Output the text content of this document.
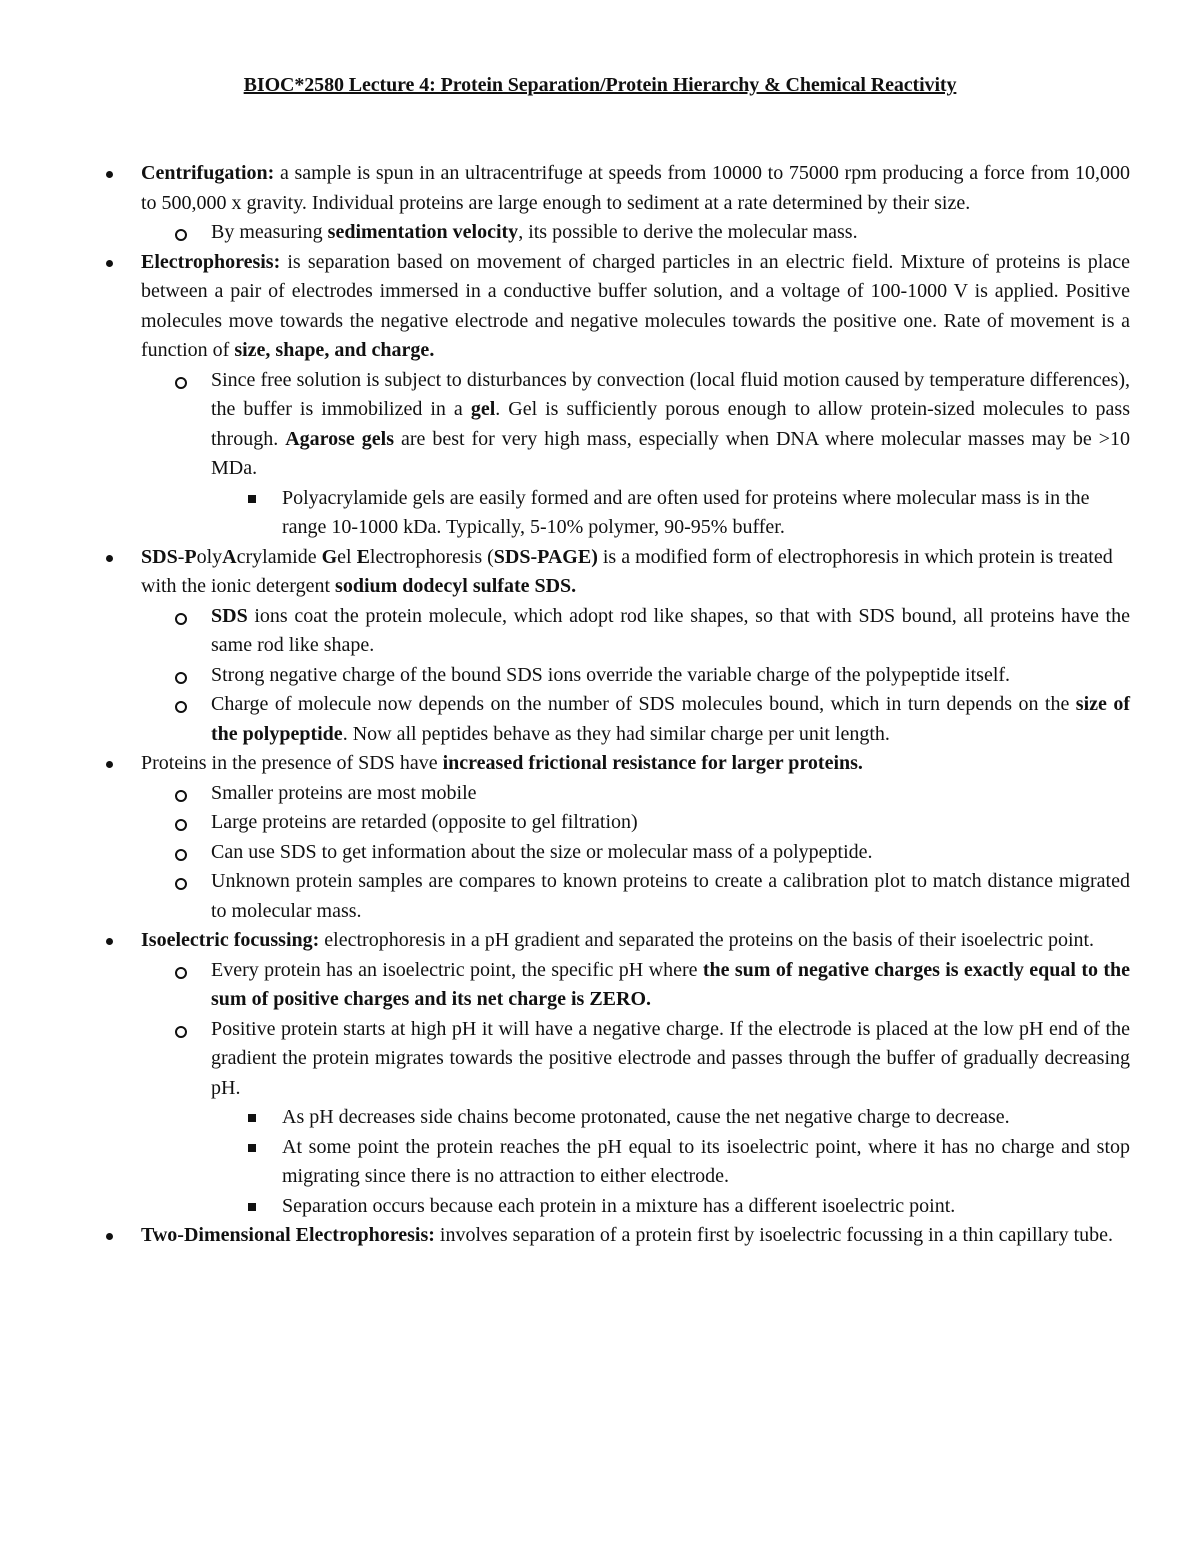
BIOC*2580 Lecture 4: Protein Separation/Protein Hierarchy & Chemical Reactivity
Centrifugation: a sample is spun in an ultracentrifuge at speeds from 10000 to 75000 rpm producing a force from 10,000 to 500,000 x gravity. Individual proteins are large enough to sediment at a rate determined by their size.
By measuring sedimentation velocity, its possible to derive the molecular mass.
Electrophoresis: is separation based on movement of charged particles in an electric field. Mixture of proteins is place between a pair of electrodes immersed in a conductive buffer solution, and a voltage of 100-1000 V is applied. Positive molecules move towards the negative electrode and negative molecules towards the positive one. Rate of movement is a function of size, shape, and charge.
Since free solution is subject to disturbances by convection (local fluid motion caused by temperature differences), the buffer is immobilized in a gel. Gel is sufficiently porous enough to allow protein-sized molecules to pass through. Agarose gels are best for very high mass, especially when DNA where molecular masses may be >10 MDa.
Polyacrylamide gels are easily formed and are often used for proteins where molecular mass is in the range 10-1000 kDa. Typically, 5-10% polymer, 90-95% buffer.
SDS-PolyAcrylamide Gel Electrophoresis (SDS-PAGE) is a modified form of electrophoresis in which protein is treated with the ionic detergent sodium dodecyl sulfate SDS.
SDS ions coat the protein molecule, which adopt rod like shapes, so that with SDS bound, all proteins have the same rod like shape.
Strong negative charge of the bound SDS ions override the variable charge of the polypeptide itself.
Charge of molecule now depends on the number of SDS molecules bound, which in turn depends on the size of the polypeptide. Now all peptides behave as they had similar charge per unit length.
Proteins in the presence of SDS have increased frictional resistance for larger proteins.
Smaller proteins are most mobile
Large proteins are retarded (opposite to gel filtration)
Can use SDS to get information about the size or molecular mass of a polypeptide.
Unknown protein samples are compares to known proteins to create a calibration plot to match distance migrated to molecular mass.
Isoelectric focussing: electrophoresis in a pH gradient and separated the proteins on the basis of their isoelectric point.
Every protein has an isoelectric point, the specific pH where the sum of negative charges is exactly equal to the sum of positive charges and its net charge is ZERO.
Positive protein starts at high pH it will have a negative charge. If the electrode is placed at the low pH end of the gradient the protein migrates towards the positive electrode and passes through the buffer of gradually decreasing pH.
As pH decreases side chains become protonated, cause the net negative charge to decrease.
At some point the protein reaches the pH equal to its isoelectric point, where it has no charge and stop migrating since there is no attraction to either electrode.
Separation occurs because each protein in a mixture has a different isoelectric point.
Two-Dimensional Electrophoresis: involves separation of a protein first by isoelectric focussing in a thin capillary tube.
